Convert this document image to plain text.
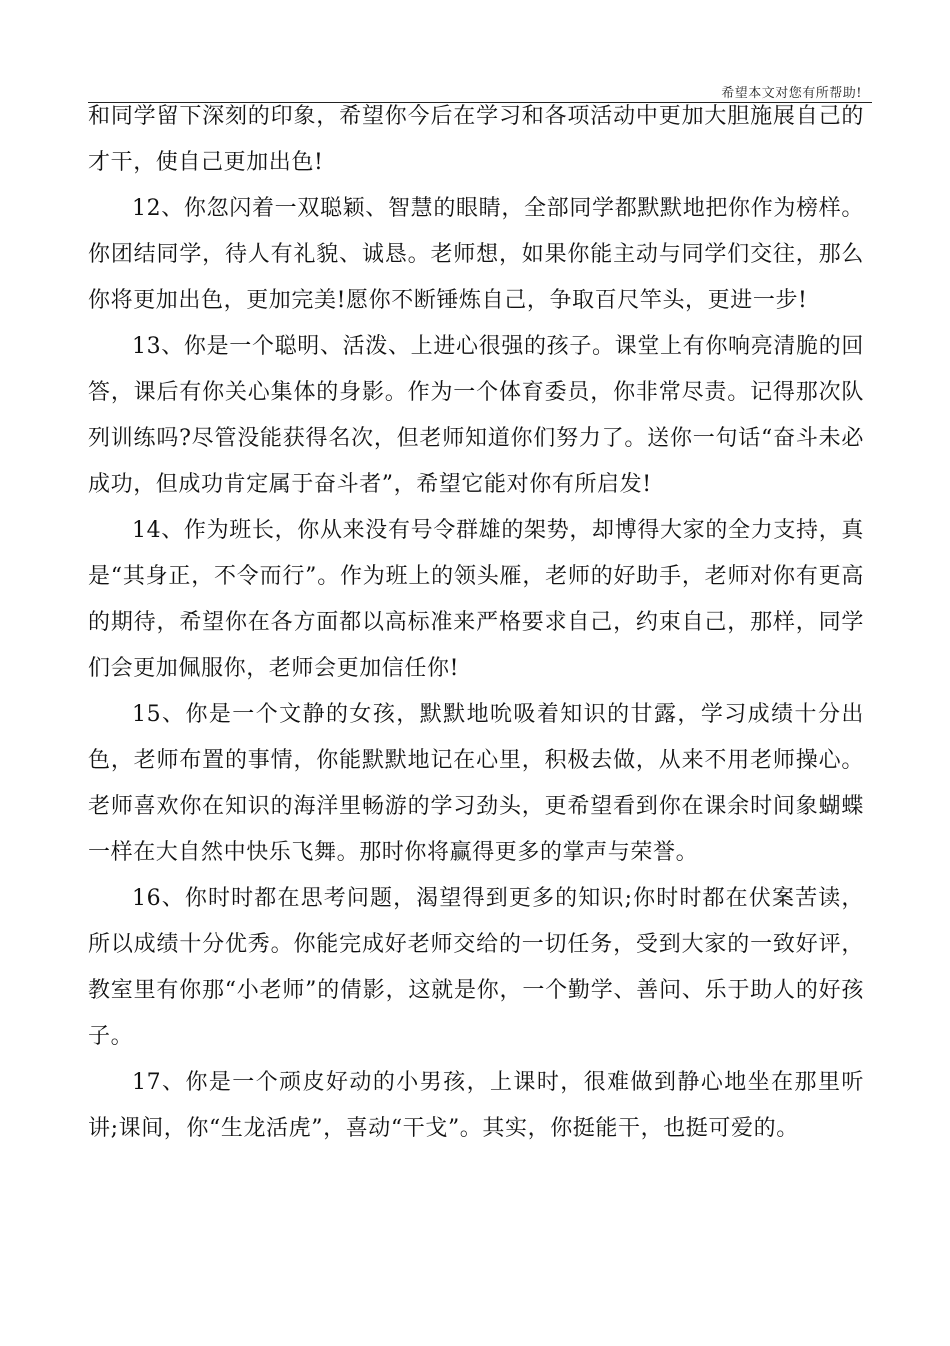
希望本文对您有所帮助!

和同学留下深刻的印象，希望你今后在学习和各项活动中更加大胆施展自己的才干，使自己更加出色!

12、你忽闪着一双聪颖、智慧的眼睛，全部同学都默默地把你作为榜样。你团结同学，待人有礼貌、诚恳。老师想，如果你能主动与同学们交往，那么你将更加出色，更加完美!愿你不断锤炼自己，争取百尺竿头，更进一步!

13、你是一个聪明、活泼、上进心很强的孩子。课堂上有你响亮清脆的回答，课后有你关心集体的身影。作为一个体育委员，你非常尽责。记得那次队列训练吗?尽管没能获得名次，但老师知道你们努力了。送你一句话“奋斗未必成功，但成功肯定属于奋斗者”，希望它能对你有所启发!

14、作为班长，你从来没有号令群雄的架势，却博得大家的全力支持，真是“其身正，不令而行”。作为班上的领头雁，老师的好助手，老师对你有更高的期待，希望你在各方面都以高标准来严格要求自己，约束自己，那样，同学们会更加佩服你，老师会更加信任你!

15、你是一个文静的女孩，默默地吮吸着知识的甘露，学习成绩十分出色，老师布置的事情，你能默默地记在心里，积极去做，从来不用老师操心。老师喜欢你在知识的海洋里畅游的学习劲头，更希望看到你在课余时间象蝴蝶一样在大自然中快乐飞舞。那时你将赢得更多的掌声与荣誉。

16、你时时都在思考问题，渴望得到更多的知识;你时时都在伏案苦读，所以成绩十分优秀。你能完成好老师交给的一切任务，受到大家的一致好评，教室里有你那“小老师”的倩影，这就是你，一个勤学、善问、乐于助人的好孩子。

17、你是一个顽皮好动的小男孩，上课时，很难做到静心地坐在那里听讲;课间，你“生龙活虎”，喜动“干戈”。其实，你挺能干，也挺可爱的。
